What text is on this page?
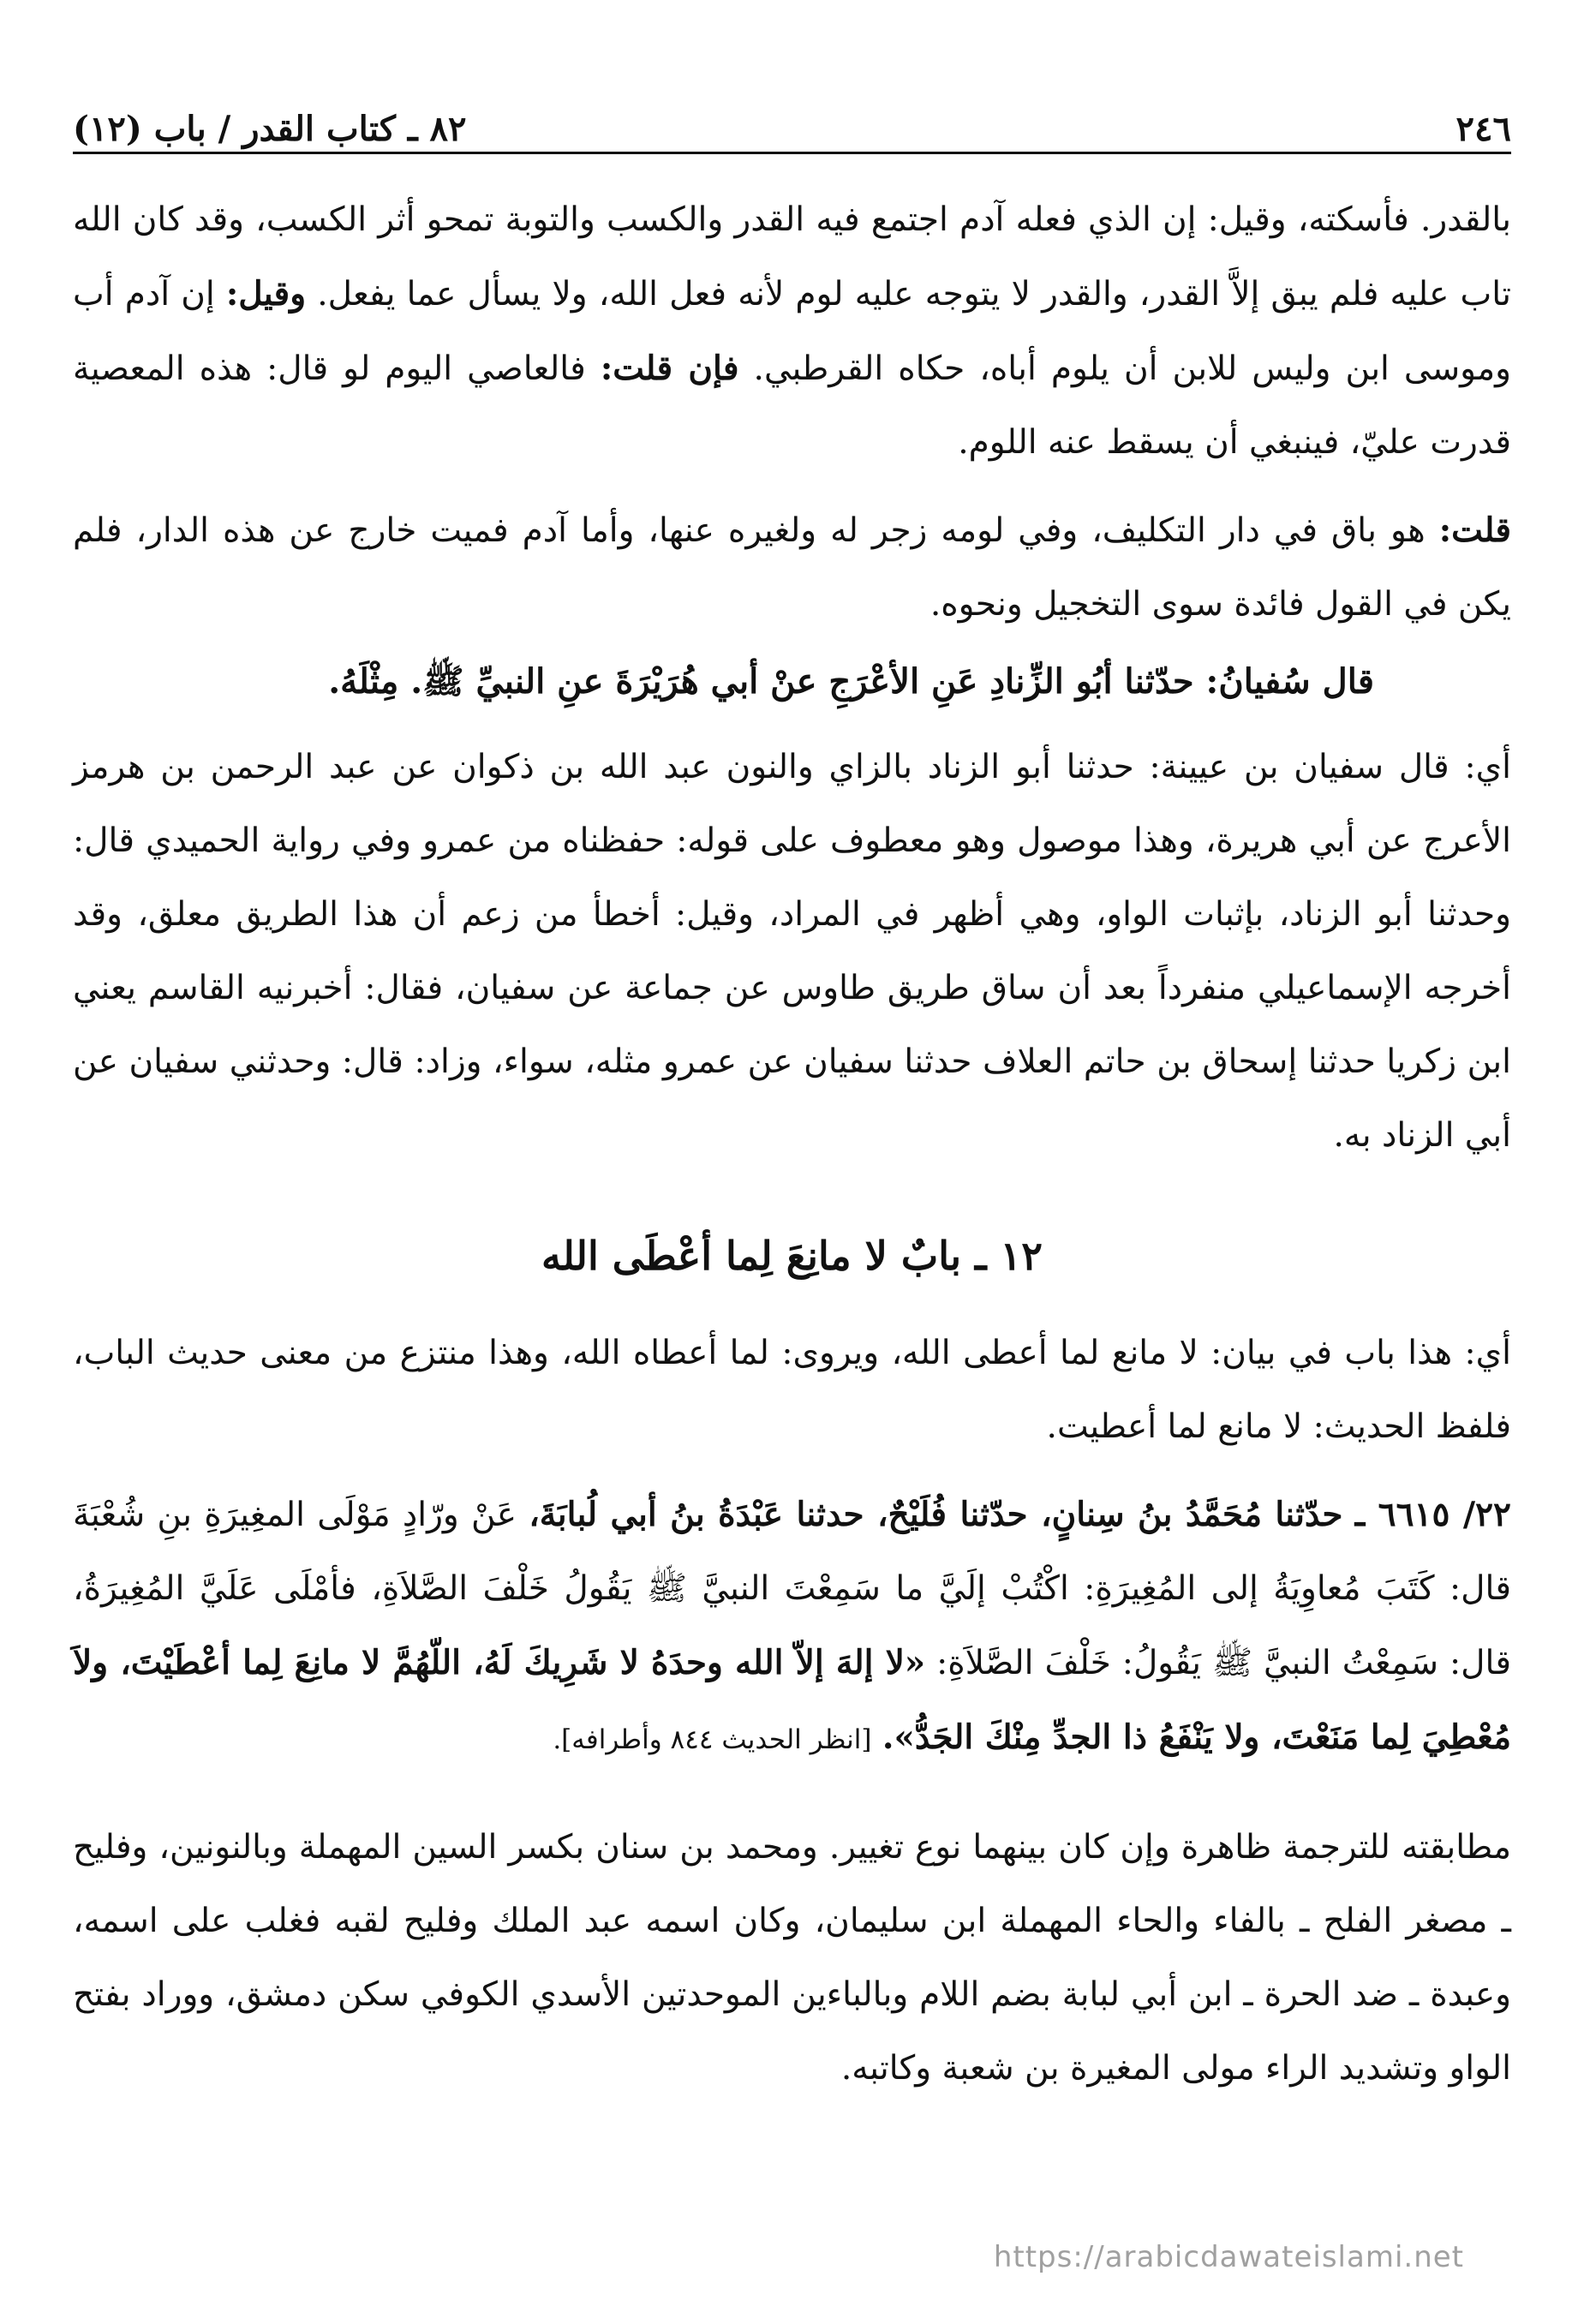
٢٤٦
٨٢ ـ كتاب القدر / باب (١٢)

بالقدر. فأسكته، وقيل: إن الذي فعله آدم اجتمع فيه القدر والكسب والتوبة تمحو أثر الكسب، وقد كان الله تاب عليه فلم يبق إلاَّ القدر، والقدر لا يتوجه عليه لوم لأنه فعل الله، ولا يسأل عما يفعل. وقيل: إن آدم أب وموسى ابن وليس للابن أن يلوم أباه، حكاه القرطبي. فإن قلت: فالعاصي اليوم لو قال: هذه المعصية قدرت عليّ، فينبغي أن يسقط عنه اللوم.

قلت: هو باق في دار التكليف، وفي لومه زجر له ولغيره عنها، وأما آدم فميت خارج عن هذه الدار، فلم يكن في القول فائدة سوى التخجيل ونحوه.

قال سُفيانُ: حدّثنا أبُو الزِّنادِ عَنِ الأعْرَجِ عنْ أبي هُرَيْرَةَ عنِ النبيِّ ﷺ. مِثْلَهُ.

أي: قال سفيان بن عيينة: حدثنا أبو الزناد بالزاي والنون عبد الله بن ذكوان عن عبد الرحمن بن هرمز الأعرج عن أبي هريرة، وهذا موصول وهو معطوف على قوله: حفظناه من عمرو وفي رواية الحميدي قال: وحدثنا أبو الزناد، بإثبات الواو، وهي أظهر في المراد، وقيل: أخطأ من زعم أن هذا الطريق معلق، وقد أخرجه الإسماعيلي منفرداً بعد أن ساق طريق طاوس عن جماعة عن سفيان، فقال: أخبرنيه القاسم يعني ابن زكريا حدثنا إسحاق بن حاتم العلاف حدثنا سفيان عن عمرو مثله، سواء، وزاد: قال: وحدثني سفيان عن أبي الزناد به.

١٢ ـ بابٌ لا مانِعَ لِما أعْطَى الله

أي: هذا باب في بيان: لا مانع لما أعطى الله، ويروى: لما أعطاه الله، وهذا منتزع من معنى حديث الباب، فلفظ الحديث: لا مانع لما أعطيت.

٢٢/ ٦٦١٥ ـ حدّثنا مُحَمَّدُ بنُ سِنانٍ، حدّثنا فُلَيْحٌ، حدثنا عَبْدَةُ بنُ أبي لُبابَةَ، عَنْ ورّادٍ مَوْلَى المغِيرَةِ بنِ شُعْبَةَ قال: كَتَبَ مُعاوِيَةُ إلى المُغِيرَةِ: اكْتُبْ إلَيَّ ما سَمِعْتَ النبيَّ ﷺ يَقُولُ خَلْفَ الصَّلاَةِ، فأمْلَى عَلَيَّ المُغِيرَةُ، قال: سَمِعْتُ النبيَّ ﷺ يَقُولُ: خَلْفَ الصَّلاَةِ: «لا إلهَ إلاّ الله وحدَهُ لا شَرِيكَ لَهُ، اللّهُمَّ لا مانِعَ لِما أعْطَيْتَ، ولاَ مُعْطِيَ لِما مَنَعْتَ، ولا يَنْفَعُ ذا الجدِّ مِنْكَ الجَدُّ». [انظر الحديث ٨٤٤ وأطرافه].

مطابقته للترجمة ظاهرة وإن كان بينهما نوع تغيير. ومحمد بن سنان بكسر السين المهملة وبالنونين، وفليح ـ مصغر الفلح ـ بالفاء والحاء المهملة ابن سليمان، وكان اسمه عبد الملك وفليح لقبه فغلب على اسمه، وعبدة ـ ضد الحرة ـ ابن أبي لبابة بضم اللام وبالباءين الموحدتين الأسدي الكوفي سكن دمشق، ووراد بفتح الواو وتشديد الراء مولى المغيرة بن شعبة وكاتبه.

https://arabicdawateislami.net
